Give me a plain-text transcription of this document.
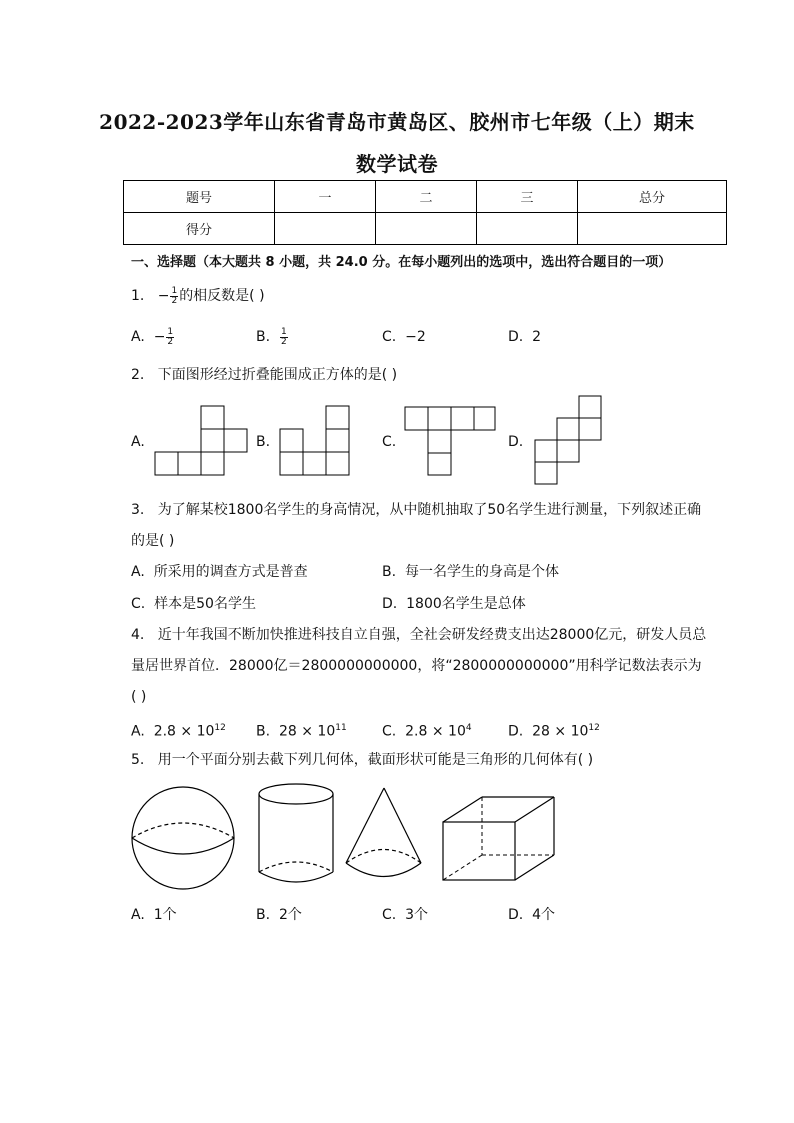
2022-2023学年山东省青岛市黄岛区、胶州市七年级（上）期末
数学试卷
题号	一	二	三	总分
得分				
一、选择题（本大题共 8 小题，共 24.0 分。在每小题列出的选项中，选出符合题目的一项）
1. − $\frac{1}{2}$ 的相反数是( )
A. − $\frac{1}{2}$	B. $\frac{1}{2}$	C. −2	D. 2
2. 下面图形经过折叠能围成正方体的是( )
A.	B.	C.	D.
3. 为了解某校1800名学生的身高情况，从中随机抽取了50名学生进行测量，下列叙述正确
的是( )
A. 所采用的调查方式是普查	B. 每一名学生的身高是个体
C. 样本是50名学生	D. 1800名学生是总体
4. 近十年我国不断加快推进科技自立自强，全社会研发经费支出达28000亿元，研发人员总
量居世界首位．28000亿＝2800000000000，将“2800000000000”用科学记数法表示为
( )
A. $2.8 \times 10^{12}$ B. $28 \times 10^{11}$	C. $2.8 \times 10^4$	D. $28 \times 10^{12}$
5. 用一个平面分别去截下列几何体，截面形状可能是三角形的几何体有( )
A. 1个	B. 2个	C. 3个	D. 4个
